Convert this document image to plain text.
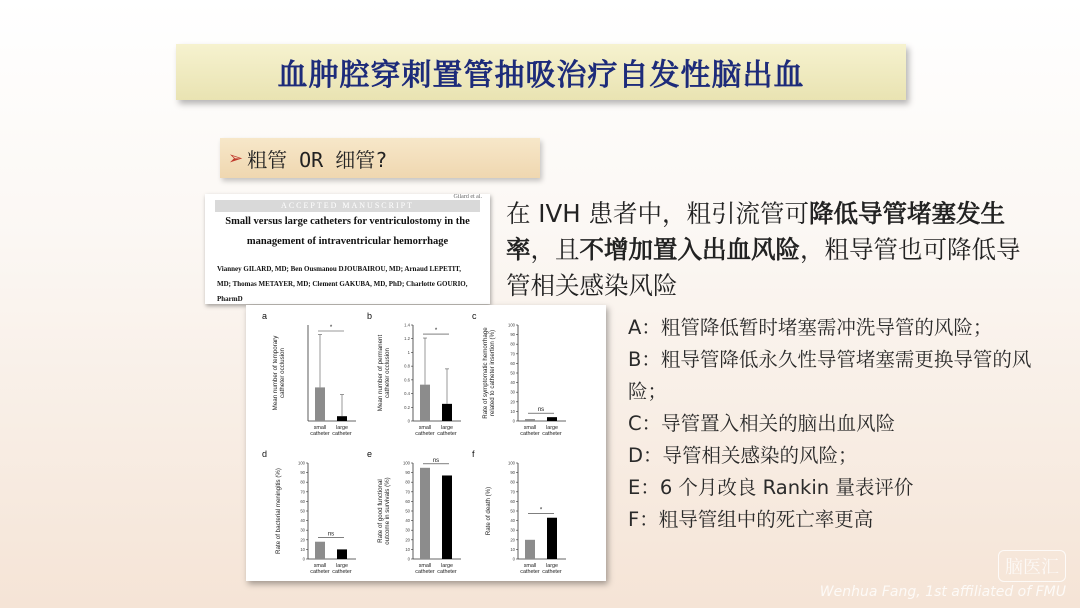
血肿腔穿刺置管抽吸治疗自发性脑出血
➢ 粗管 OR 细管?
ACCEPTED MANUSCRIPT
Gilard et al.
Small versus large catheters for ventriculostomy in the
management of intraventricular hemorrhage
Vianney GILARD, MD; Ben Ousmanou DJOUBAIROU, MD; Arnaud LEPETIT,
MD; Thomas METAYER, MD; Clement GAKUBA, MD, PhD; Charlotte GOURIO,
PharmD
在 IVH 患者中，粗引流管可降低导管堵塞发生率，且不增加置入出血风险，粗导管也可降低导管相关感染风险
a
Mean number of temporarycatheter occlusion
small catheter
large catheter
*
b
Mean number of permanentcatheter occlusion
0
0.2
0.4
0.6
0.8
1
1.2
1.4
small catheter
large catheter
*
c
Rate of symptomatic hemorrhagerelated to catheter insertion (%)
0
10
20
30
40
50
60
70
80
90
100
small catheter
large catheter
ns
d
Rate of bacterial meningitis (%)
0
10
20
30
40
50
60
70
80
90
100
small catheter
large catheter
ns
e
Rate of good functionaloutcome in survivals (%)
0
10
20
30
40
50
60
70
80
90
100
small catheter
large catheter
ns
f
Rate of death (%)
0
10
20
30
40
50
60
70
80
90
100
small catheter
large catheter
*
A：粗管降低暂时堵塞需冲洗导管的风险；
B：粗导管降低永久性导管堵塞需更换导管的风险；
C：导管置入相关的脑出血风险
D：导管相关感染的风险；
E：6 个月改良 Rankin 量表评价
F：粗导管组中的死亡率更高
脑医汇
Wenhua Fang, 1st affiliated of FMU
